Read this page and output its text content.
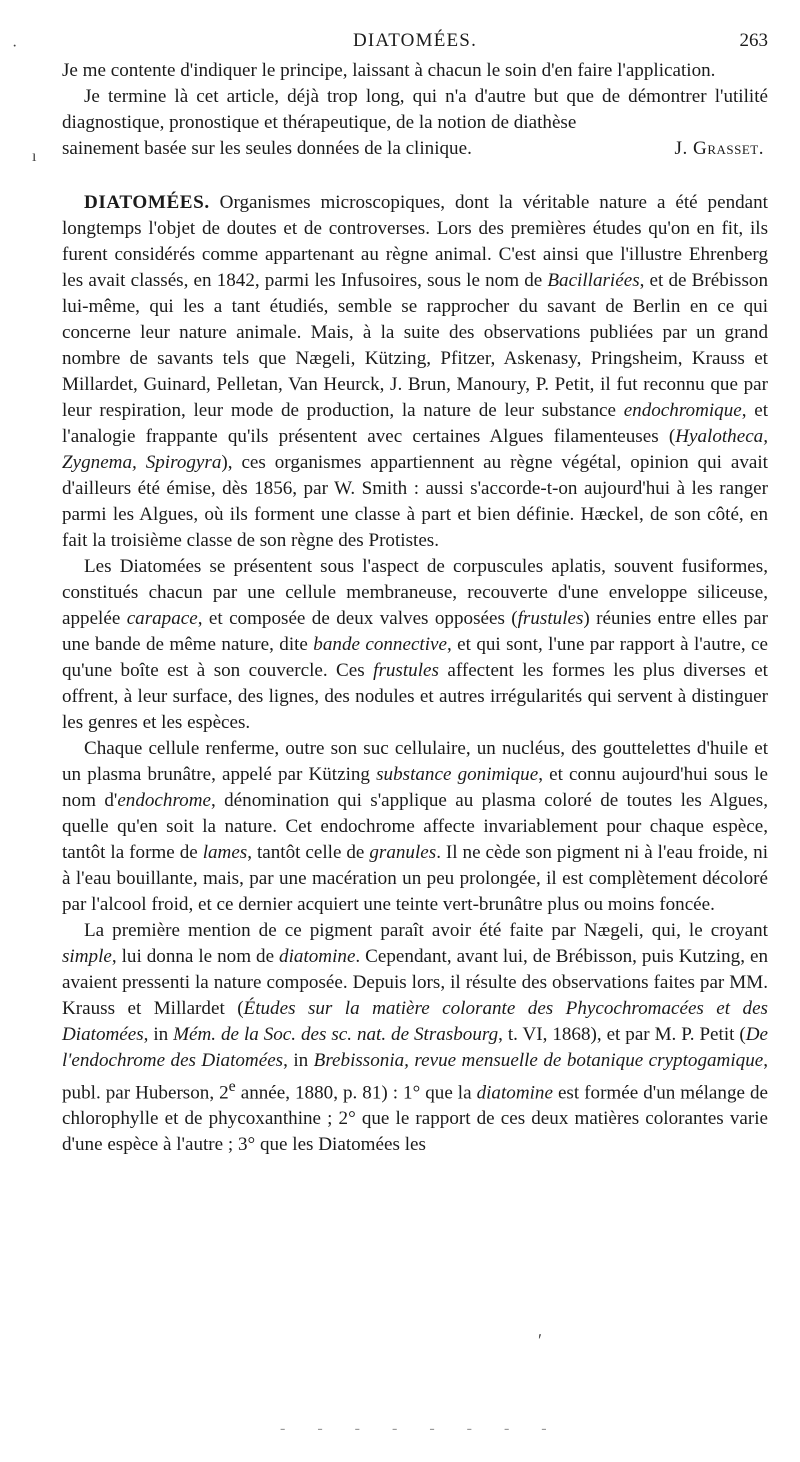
DIATOMÉES.	263

Je me contente d'indiquer le principe, laissant à chacun le soin d'en faire l'application.

Je termine là cet article, déjà trop long, qui n'a d'autre but que de démontrer l'utilité diagnostique, pronostique et thérapeutique, de la notion de diathèse

sainement basée sur les seules données de la clinique.	J. Grasset.

DIATOMÉES. Organismes microscopiques, dont la véritable nature a été pendant longtemps l'objet de doutes et de controverses. Lors des premières études qu'on en fit, ils furent considérés comme appartenant au règne animal. C'est ainsi que l'illustre Ehrenberg les avait classés, en 1842, parmi les Infusoires, sous le nom de Bacillariées, et de Brébisson lui-même, qui les a tant étudiés, semble se rapprocher du savant de Berlin en ce qui concerne leur nature animale. Mais, à la suite des observations publiées par un grand nombre de savants tels que Nægeli, Kützing, Pfitzer, Askenasy, Pringsheim, Krauss et Millardet, Guinard, Pelletan, Van Heurck, J. Brun, Manoury, P. Petit, il fut reconnu que par leur respiration, leur mode de production, la nature de leur substance endochromique, et l'analogie frappante qu'ils présentent avec certaines Algues filamenteuses (Hyalotheca, Zygnema, Spirogyra), ces organismes appartiennent au règne végétal, opinion qui avait d'ailleurs été émise, dès 1856, par W. Smith : aussi s'accorde-t-on aujourd'hui à les ranger parmi les Algues, où ils forment une classe à part et bien définie. Hæckel, de son côté, en fait la troisième classe de son règne des Protistes.

Les Diatomées se présentent sous l'aspect de corpuscules aplatis, souvent fusiformes, constitués chacun par une cellule membraneuse, recouverte d'une enveloppe siliceuse, appelée carapace, et composée de deux valves opposées (frustules) réunies entre elles par une bande de même nature, dite bande connective, et qui sont, l'une par rapport à l'autre, ce qu'une boîte est à son couvercle. Ces frustules affectent les formes les plus diverses et offrent, à leur surface, des lignes, des nodules et autres irrégularités qui servent à distinguer les genres et les espèces.

Chaque cellule renferme, outre son suc cellulaire, un nucléus, des gouttelettes d'huile et un plasma brunâtre, appelé par Kützing substance gonimique, et connu aujourd'hui sous le nom d'endochrome, dénomination qui s'applique au plasma coloré de toutes les Algues, quelle qu'en soit la nature. Cet endochrome affecte invariablement pour chaque espèce, tantôt la forme de lames, tantôt celle de granules. Il ne cède son pigment ni à l'eau froide, ni à l'eau bouillante, mais, par une macération un peu prolongée, il est complètement décoloré par l'alcool froid, et ce dernier acquiert une teinte vert-brunâtre plus ou moins foncée.

La première mention de ce pigment paraît avoir été faite par Nægeli, qui, le croyant simple, lui donna le nom de diatomine. Cependant, avant lui, de Brébisson, puis Kutzing, en avaient pressenti la nature composée. Depuis lors, il résulte des observations faites par MM. Krauss et Millardet (Études sur la matière colorante des Phycochromacées et des Diatomées, in Mém. de la Soc. des sc. nat. de Strasbourg, t. VI, 1868), et par M. P. Petit (De l'endochrome des Diatomées, in Brebissonia, revue mensuelle de botanique cryptogamique, publ. par Huberson, 2e année, 1880, p. 81) : 1° que la diatomine est formée d'un mélange de chlorophylle et de phycoxanthine ; 2° que le rapport de ces deux matières colorantes varie d'une espèce à l'autre ; 3° que les Diatomées les

·
ı
ʹ
- - - - - - - -
